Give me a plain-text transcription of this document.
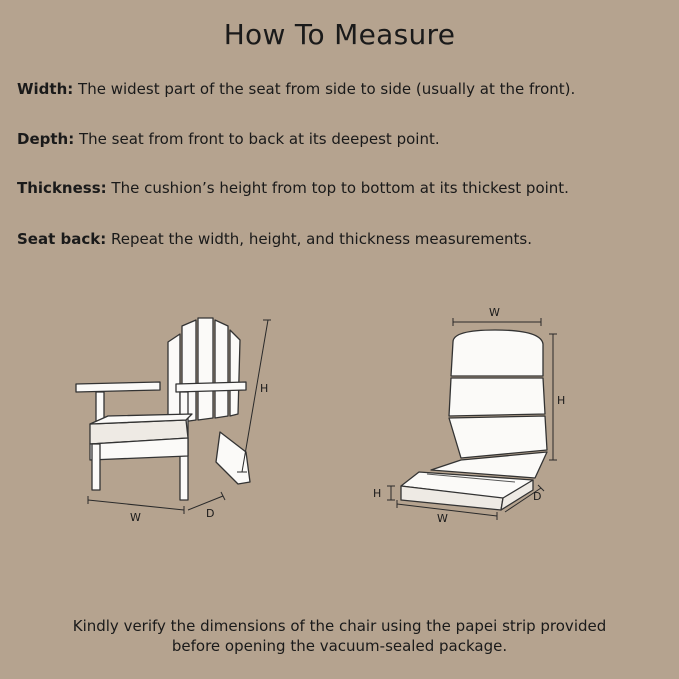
How To Measure

Width: The widest part of the seat from side to side (usually at the front).

Depth: The seat from front to back at its deepest point.

Thickness: The cushion’s height from top to bottom at its thickest point.

Seat back: Repeat the width, height, and thickness measurements.

H
W	D
W
H
H
W
D

Kindly verify the dimensions of the chair using the papei strip provided
before opening the vacuum-sealed package.
